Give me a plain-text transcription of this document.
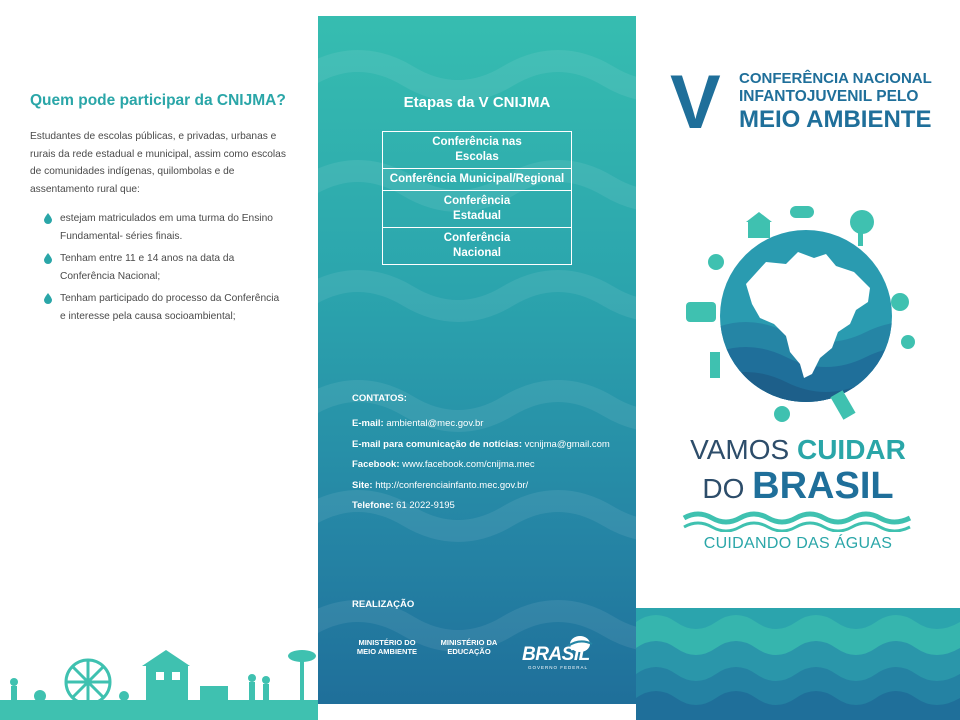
Quem pode participar da CNIJMA?

Estudantes de escolas públicas, e privadas, urbanas e rurais da rede estadual e municipal, assim como escolas de comunidades indígenas, quilombolas e de assentamento rural que:

estejam matriculados em uma turma do Ensino Fundamental- séries finais.
Tenham entre 11 e 14 anos na data da Conferência Nacional;
Tenham participado do processo da Conferência e interesse pela causa socioambiental;
Etapas da V CNIJMA
Conferência nas Escolas
Conferência Municipal/Regional
Conferência Estadual
Conferência Nacional

CONTATOS:

E-mail: ambiental@mec.gov.br

E-mail para comunicação de notícias: vcnijma@gmail.com

Facebook: www.facebook.com/cnijma.mec

Site: http://conferenciainfanto.mec.gov.br/

Telefone: 61 2022-9195

REALIZAÇÃO

MINISTÉRIO DO
MEIO AMBIENTE
MINISTÉRIO DA
EDUCAÇÃO	BRASIL
GOVERNO FEDERAL

V CONFERÊNCIA NACIONAL
INFANTOJUVENIL PELO
MEIO AMBIENTE

VAMOS CUIDAR
DO BRASIL

CUIDANDO DAS ÁGUAS
